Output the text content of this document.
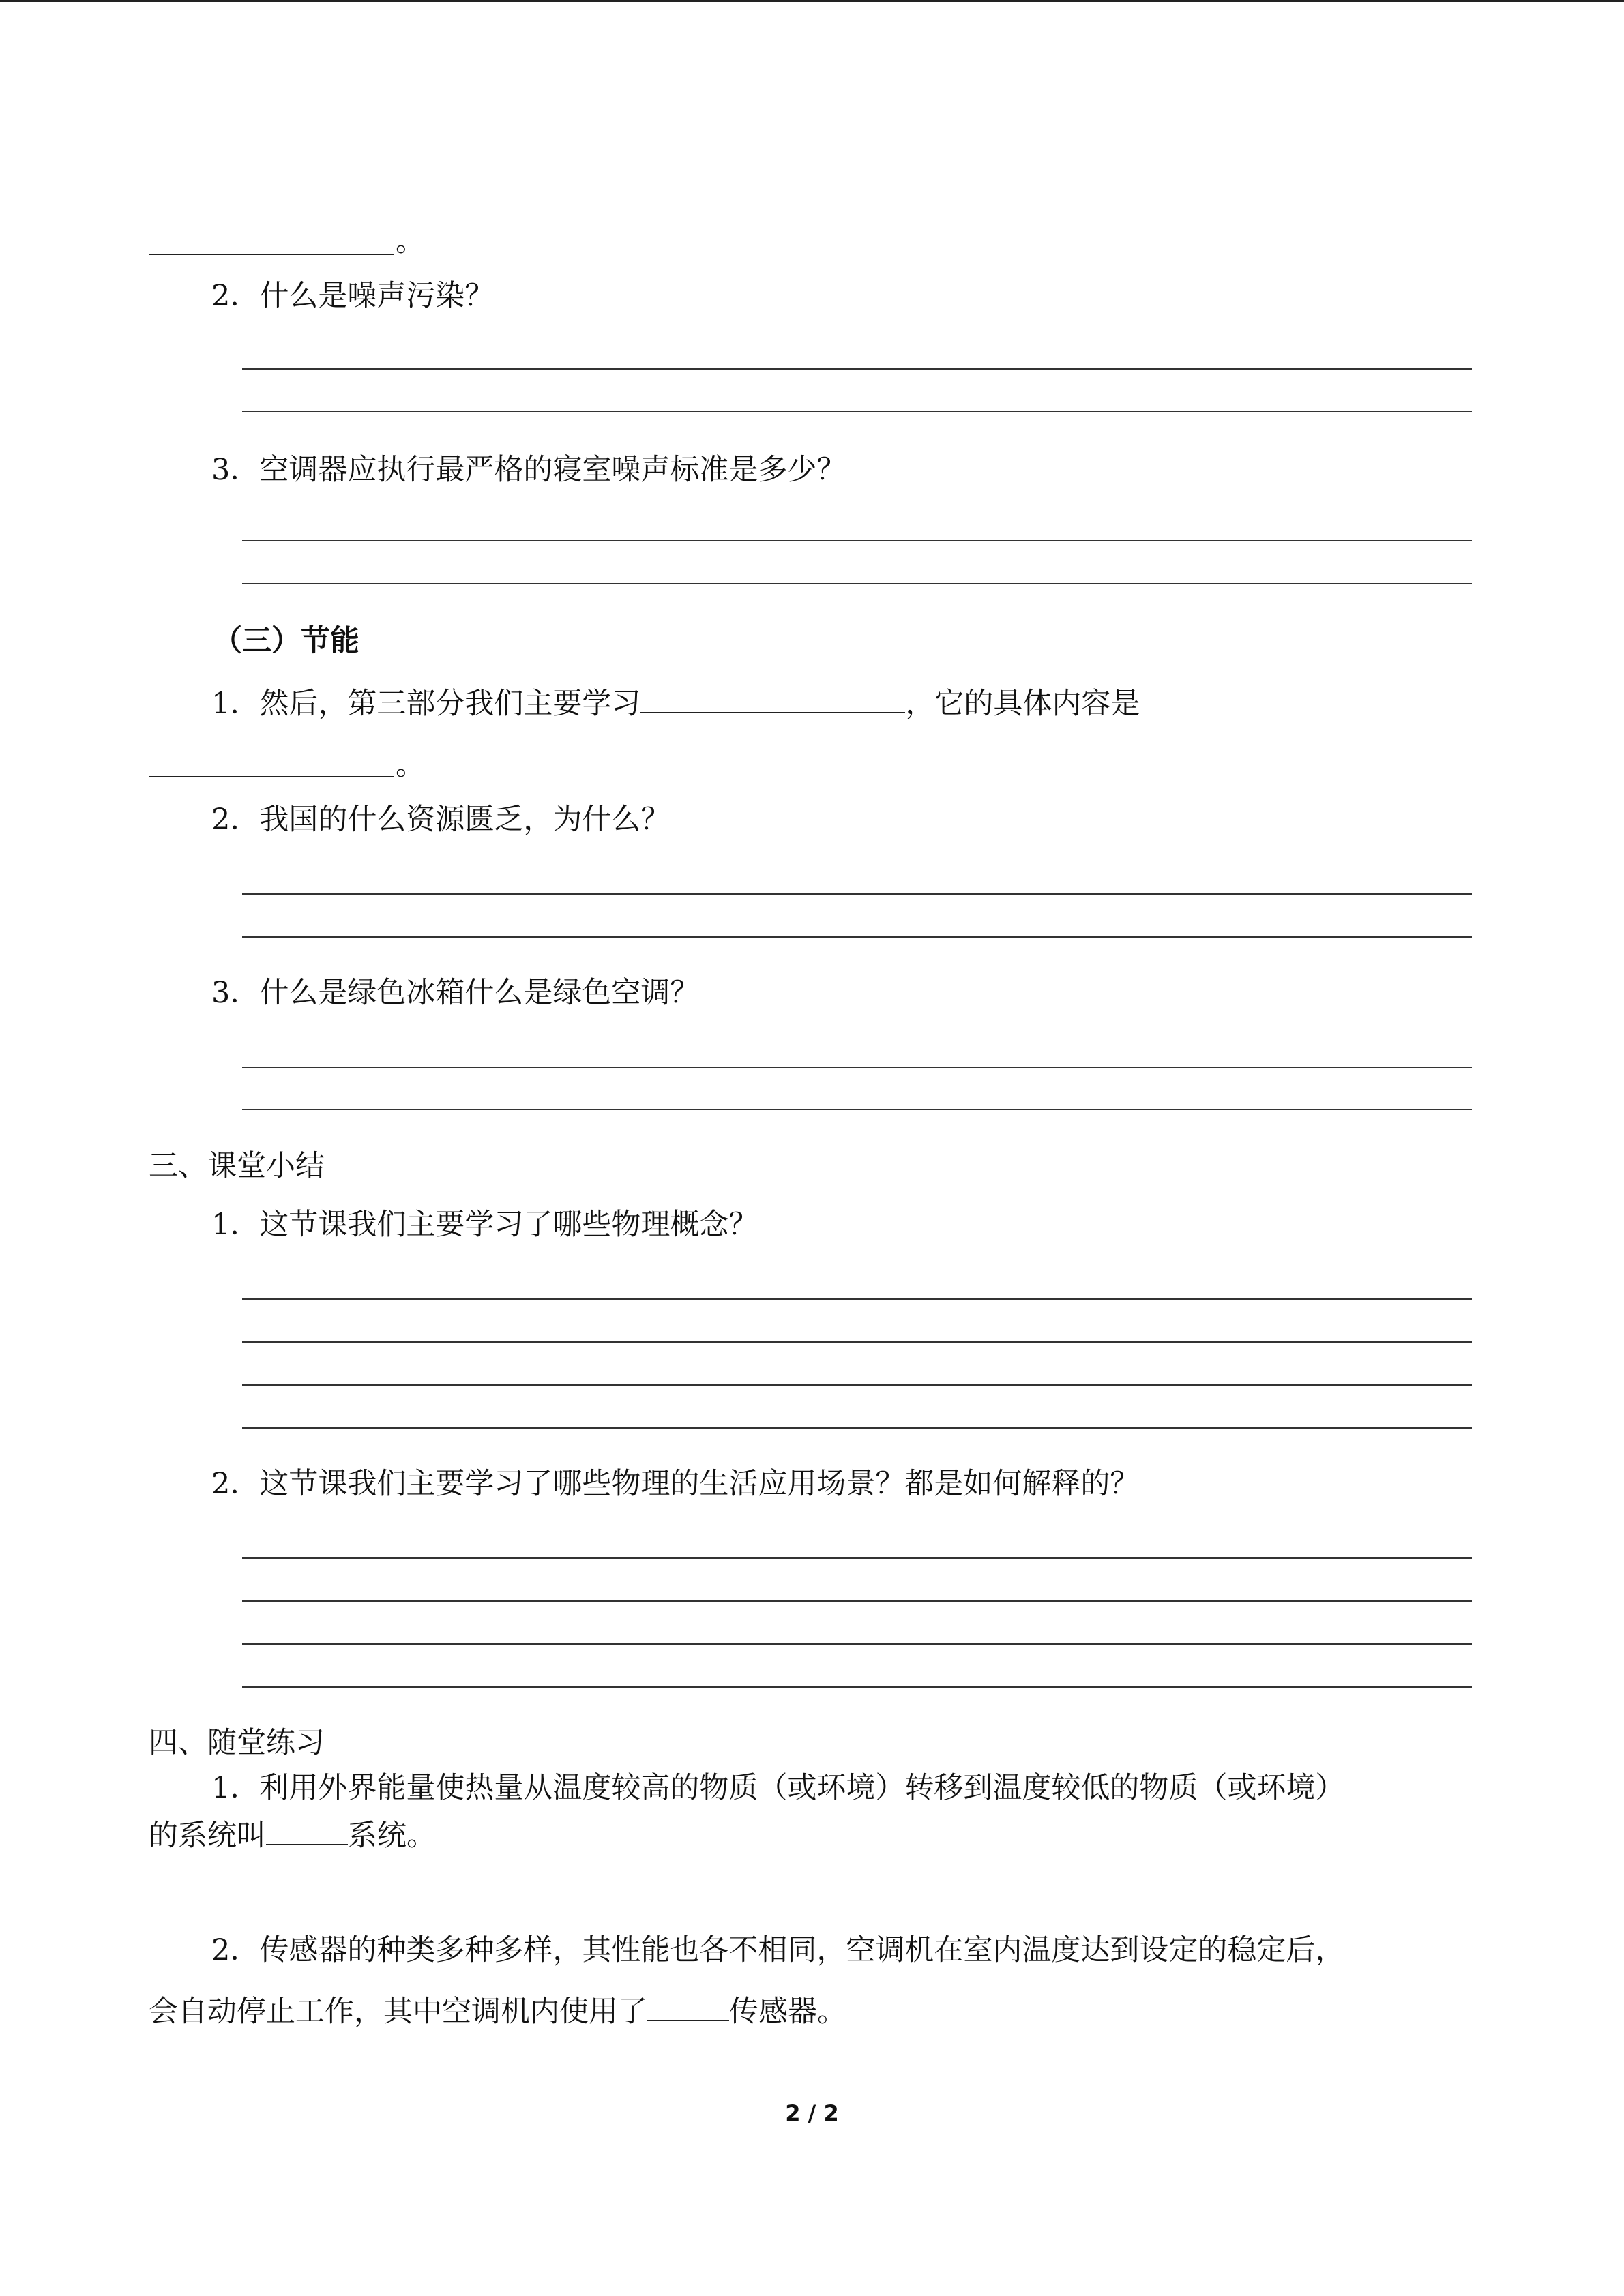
。
2．什么是噪声污染？
3．空调器应执行最严格的寝室噪声标准是多少？
（三）节能
1．然后，第三部分我们主要学习	，它的具体内容是
。
2．我国的什么资源匮乏，为什么？
3．什么是绿色冰箱什么是绿色空调？
三、课堂小结
1．这节课我们主要学习了哪些物理概念？
2．这节课我们主要学习了哪些物理的生活应用场景？都是如何解释的？
四、随堂练习
1．利用外界能量使热量从温度较高的物质（或环境）转移到温度较低的物质（或环境）
的系统叫	系统。
2．传感器的种类多种多样，其性能也各不相同，空调机在室内温度达到设定的稳定后，
会自动停止工作，其中空调机内使用了	传感器。
2 / 2
